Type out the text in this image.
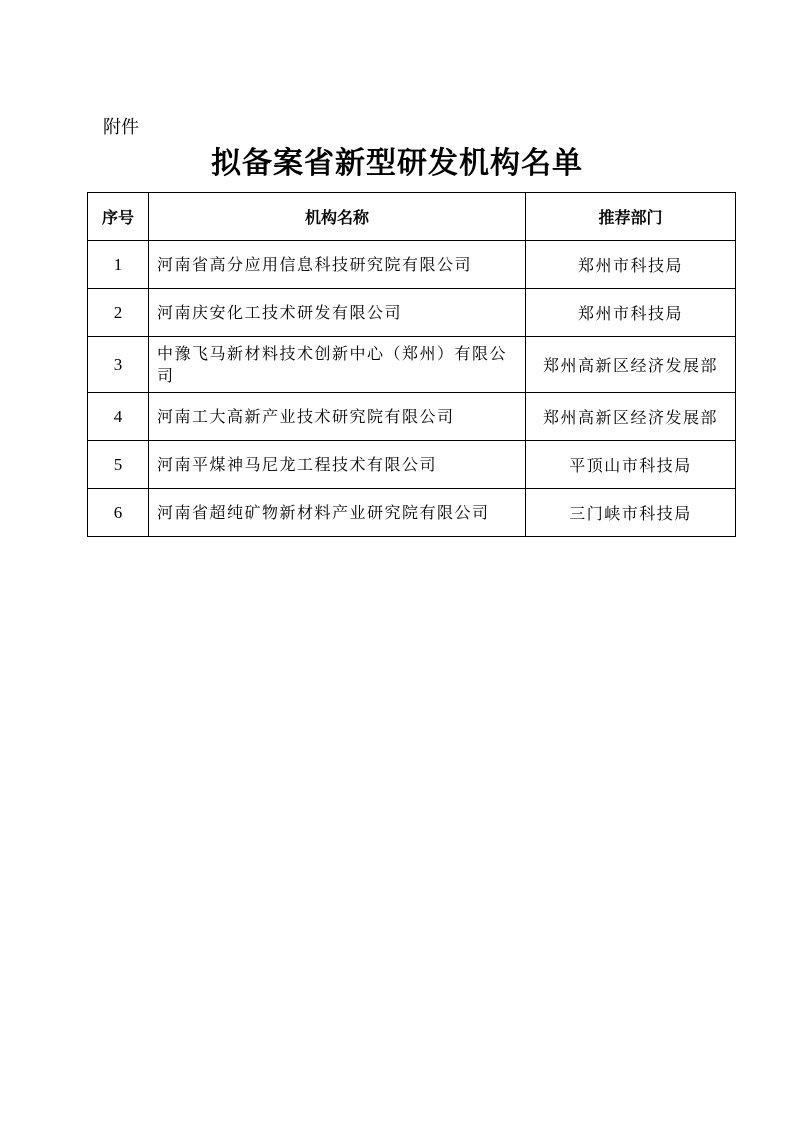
附件

拟备案省新型研发机构名单
序号	机构名称	推荐部门
1	河南省高分应用信息科技研究院有限公司	郑州市科技局
2	河南庆安化工技术研发有限公司	郑州市科技局
3	中豫飞马新材料技术创新中心（郑州）有限公司	郑州高新区经济发展部
4	河南工大高新产业技术研究院有限公司	郑州高新区经济发展部
5	河南平煤神马尼龙工程技术有限公司	平顶山市科技局
6	河南省超纯矿物新材料产业研究院有限公司	三门峡市科技局
